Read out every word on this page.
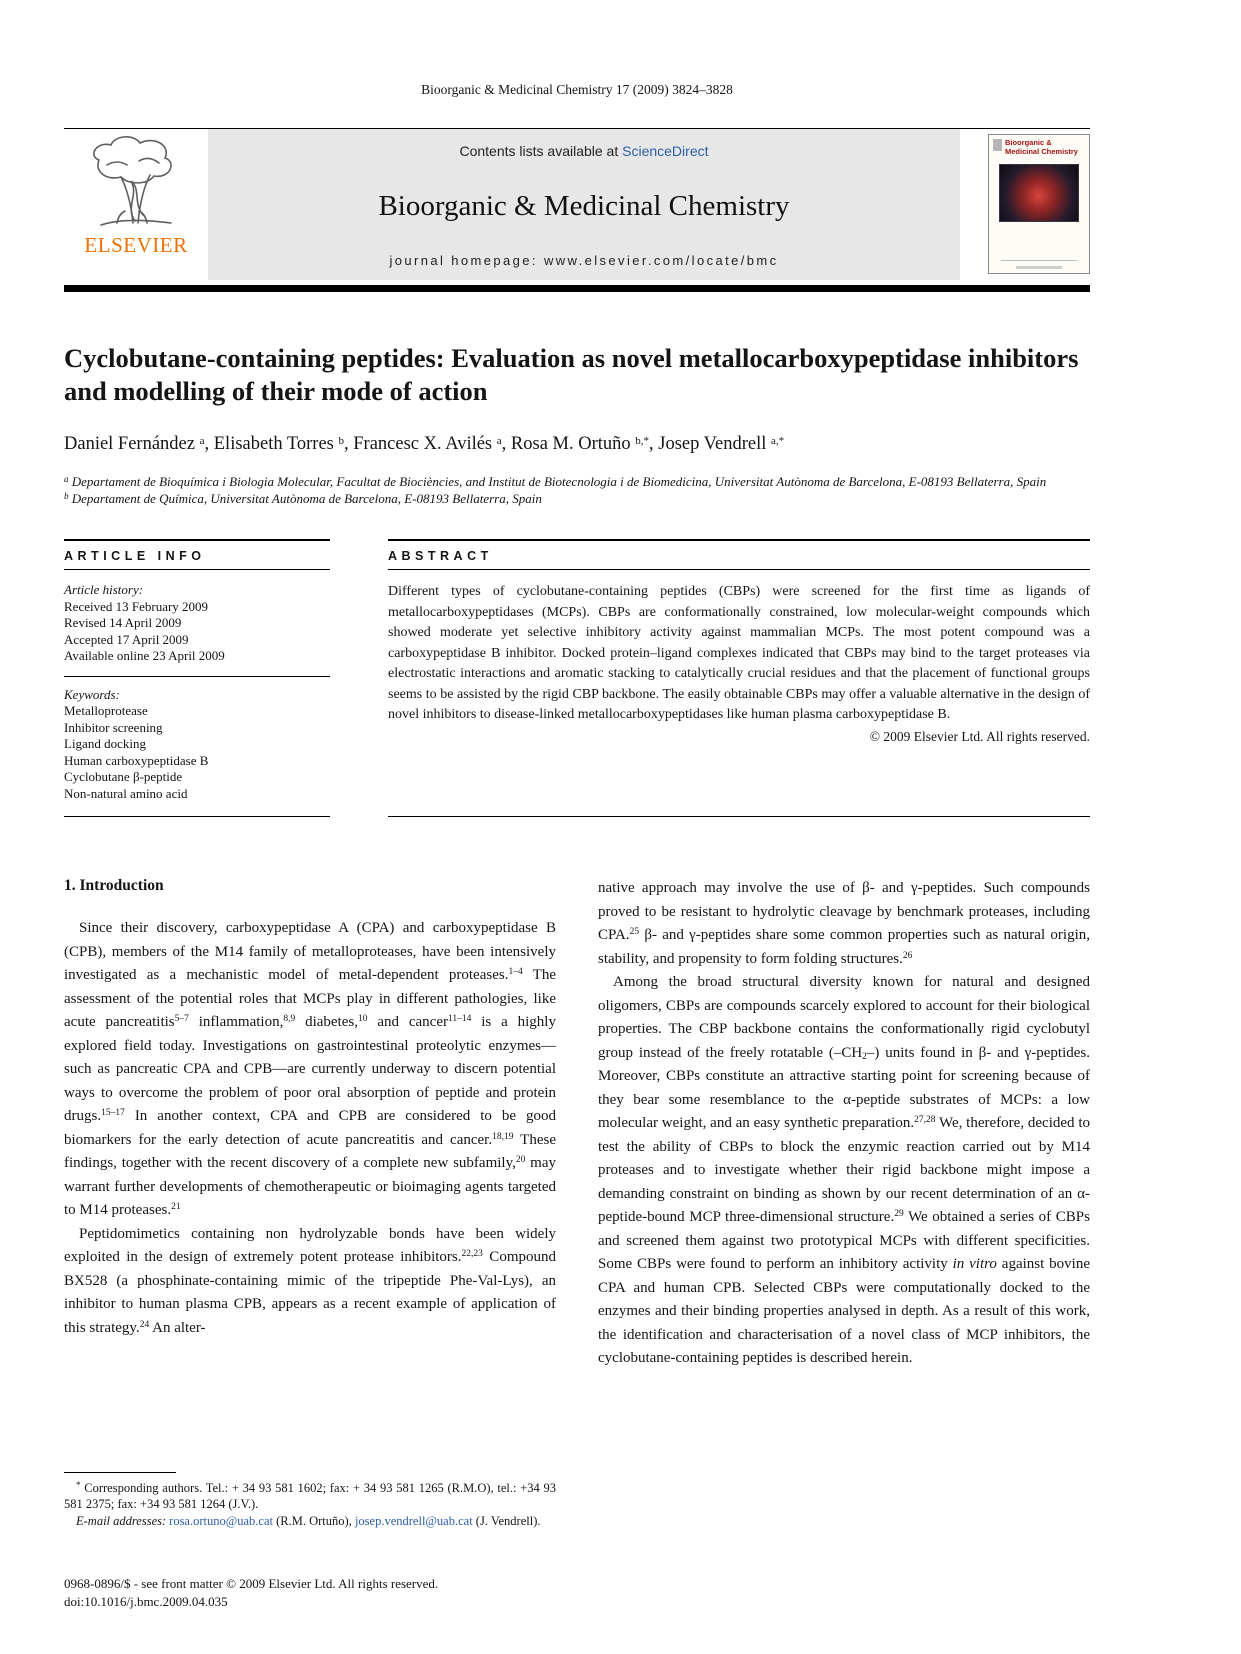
Bioorganic & Medicinal Chemistry 17 (2009) 3824–3828
ELSEVIER
Contents lists available at ScienceDirect
Bioorganic & Medicinal Chemistry
journal homepage: www.elsevier.com/locate/bmc
Bioorganic & Medicinal Chemistry
Cyclobutane-containing peptides: Evaluation as novel metallocarboxypeptidase inhibitors and modelling of their mode of action
Daniel Fernández $^a$, Elisabeth Torres $^b$, Francesc X. Avilés $^a$, Rosa M. Ortuño $^{b,*}$, Josep Vendrell $^{a,*}$
$^a$ Departament de Bioquímica i Biologia Molecular, Facultat de Biociències, and Institut de Biotecnologia i de Biomedicina, Universitat Autònoma de Barcelona, E-08193 Bellaterra, Spain
$^b$ Departament de Química, Universitat Autònoma de Barcelona, E-08193 Bellaterra, Spain
ARTICLE INFO
Article history:
Received 13 February 2009
Revised 14 April 2009
Accepted 17 April 2009
Available online 23 April 2009
Keywords:
Metalloprotease
Inhibitor screening
Ligand docking
Human carboxypeptidase B
Cyclobutane β-peptide
Non-natural amino acid
ABSTRACT

Different types of cyclobutane-containing peptides (CBPs) were screened for the first time as ligands of metallocarboxypeptidases (MCPs). CBPs are conformationally constrained, low molecular-weight compounds which showed moderate yet selective inhibitory activity against mammalian MCPs. The most potent compound was a carboxypeptidase B inhibitor. Docked protein–ligand complexes indicated that CBPs may bind to the target proteases via electrostatic interactions and aromatic stacking to catalytically crucial residues and that the placement of functional groups seems to be assisted by the rigid CBP backbone. The easily obtainable CBPs may offer a valuable alternative in the design of novel inhibitors to disease-linked metallocarboxypeptidases like human plasma carboxypeptidase B.

© 2009 Elsevier Ltd. All rights reserved.
1. Introduction

Since their discovery, carboxypeptidase A (CPA) and carboxypeptidase B (CPB), members of the M14 family of metalloproteases, have been intensively investigated as a mechanistic model of metal-dependent proteases.$^{1-4}$ The assessment of the potential roles that MCPs play in different pathologies, like acute pancreatitis$^{5-7}$ inflammation,$^{8,9}$ diabetes,$^{10}$ and cancer$^{11-14}$ is a highly explored field today. Investigations on gastrointestinal proteolytic enzymes—such as pancreatic CPA and CPB—are currently underway to discern potential ways to overcome the problem of poor oral absorption of peptide and protein drugs.$^{15-17}$ In another context, CPA and CPB are considered to be good biomarkers for the early detection of acute pancreatitis and cancer.$^{18,19}$ These findings, together with the recent discovery of a complete new subfamily,$^{20}$ may warrant further developments of chemotherapeutic or bioimaging agents targeted to M14 proteases.$^{21}$

Peptidomimetics containing non hydrolyzable bonds have been widely exploited in the design of extremely potent protease inhibitors.$^{22,23}$ Compound BX528 (a phosphinate-containing mimic of the tripeptide Phe-Val-Lys), an inhibitor to human plasma CPB, appears as a recent example of application of this strategy.$^{24}$ An alter-

* Corresponding authors. Tel.: + 34 93 581 1602; fax: + 34 93 581 1265 (R.M.O), tel.: +34 93 581 2375; fax: +34 93 581 1264 (J.V.).
E-mail addresses: rosa.ortuno@uab.cat (R.M. Ortuño), josep.vendrell@uab.cat (J. Vendrell).

native approach may involve the use of β- and γ-peptides. Such compounds proved to be resistant to hydrolytic cleavage by benchmark proteases, including CPA.$^{25}$ β- and γ-peptides share some common properties such as natural origin, stability, and propensity to form folding structures.$^{26}$

Among the broad structural diversity known for natural and designed oligomers, CBPs are compounds scarcely explored to account for their biological properties. The CBP backbone contains the conformationally rigid cyclobutyl group instead of the freely rotatable $(-CH_2-)$ units found in β- and γ-peptides. Moreover, CBPs constitute an attractive starting point for screening because of they bear some resemblance to the α-peptide substrates of MCPs: a low molecular weight, and an easy synthetic preparation.$^{27,28}$ We, therefore, decided to test the ability of CBPs to block the enzymic reaction carried out by M14 proteases and to investigate whether their rigid backbone might impose a demanding constraint on binding as shown by our recent determination of an α-peptide-bound MCP three-dimensional structure.$^{29}$ We obtained a series of CBPs and screened them against two prototypical MCPs with different specificities. Some CBPs were found to perform an inhibitory activity in vitro against bovine CPA and human CPB. Selected CBPs were computationally docked to the enzymes and their binding properties analysed in depth. As a result of this work, the identification and characterisation of a novel class of MCP inhibitors, the cyclobutane-containing peptides is described herein.

0968-0896/$ - see front matter © 2009 Elsevier Ltd. All rights reserved.
doi:10.1016/j.bmc.2009.04.035
